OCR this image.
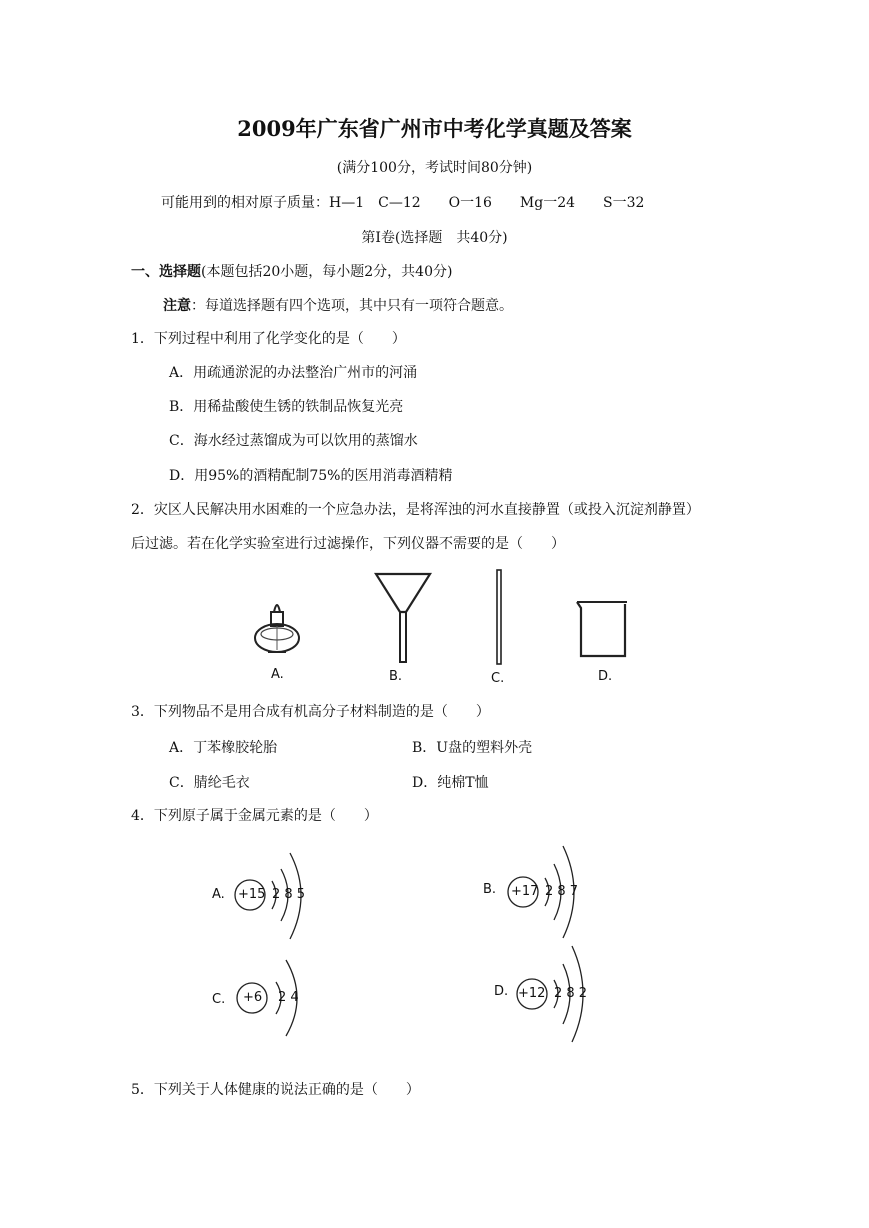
2009年广东省广州市中考化学真题及答案
(满分100分，考试时间80分钟)
可能用到的相对原子质量：H—1　C—12　　O一16　　Mg一24　　S一32
第Ⅰ卷(选择题　共40分)
一、选择题(本题包括20小题，每小题2分，共40分)
注意：每道选择题有四个选项，其中只有一项符合题意。
1．下列过程中利用了化学变化的是（　　）
A．用疏通淤泥的办法整治广州市的河涌
B．用稀盐酸使生锈的铁制品恢复光亮
C．海水经过蒸馏成为可以饮用的蒸馏水
D．用95%的酒精配制75%的医用消毒酒精精
2．灾区人民解决用水困难的一个应急办法，是将浑浊的河水直接静置（或投入沉淀剂静置）
后过滤。若在化学实验室进行过滤操作，下列仪器不需要的是（　　）
A.	B.	C.	D.
3．下列物品不是用合成有机高分子材料制造的是（　　）
A．丁苯橡胶轮胎	B．U盘的塑料外壳
C．腈纶毛衣	D．纯棉T恤
4．下列原子属于金属元素的是（　　）
A. +15 2 8 5	B. +17 2 8 7
C. +6 2 4	D. +12 2 8 2
5．下列关于人体健康的说法正确的是（　　）
